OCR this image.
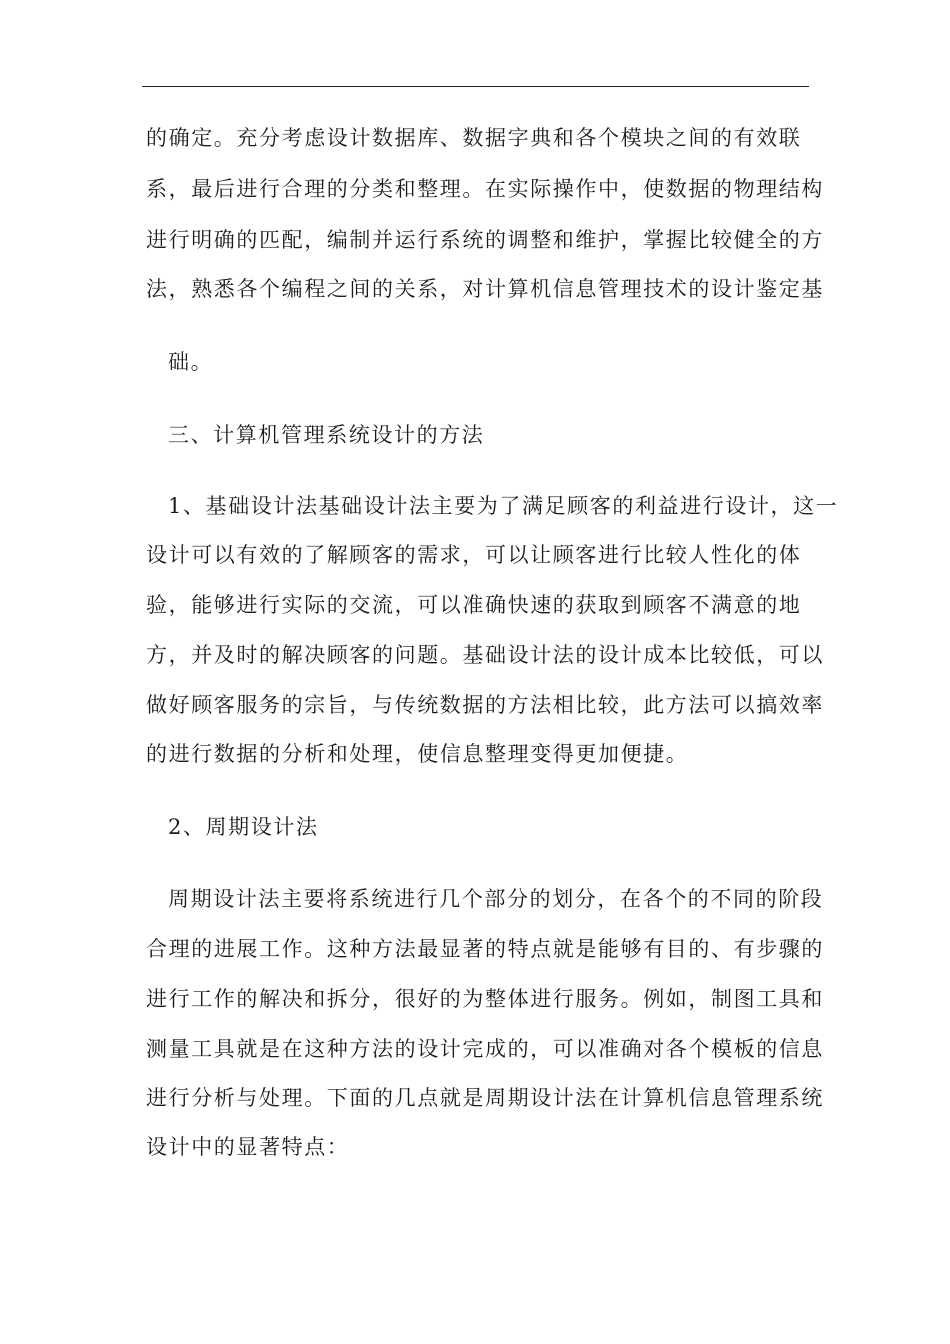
的确定。充分考虑设计数据库、数据字典和各个模块之间的有效联
系，最后进行合理的分类和整理。在实际操作中，使数据的物理结构
进行明确的匹配，编制并运行系统的调整和维护，掌握比较健全的方
法，熟悉各个编程之间的关系，对计算机信息管理技术的设计鉴定基
础。
三、计算机管理系统设计的方法
1、基础设计法基础设计法主要为了满足顾客的利益进行设计，这一
设计可以有效的了解顾客的需求，可以让顾客进行比较人性化的体
验，能够进行实际的交流，可以准确快速的获取到顾客不满意的地
方，并及时的解决顾客的问题。基础设计法的设计成本比较低，可以
做好顾客服务的宗旨，与传统数据的方法相比较，此方法可以搞效率
的进行数据的分析和处理，使信息整理变得更加便捷。
2、周期设计法
周期设计法主要将系统进行几个部分的划分，在各个的不同的阶段
合理的进展工作。这种方法最显著的特点就是能够有目的、有步骤的
进行工作的解决和拆分，很好的为整体进行服务。例如，制图工具和
测量工具就是在这种方法的设计完成的，可以准确对各个模板的信息
进行分析与处理。下面的几点就是周期设计法在计算机信息管理系统
设计中的显著特点：
